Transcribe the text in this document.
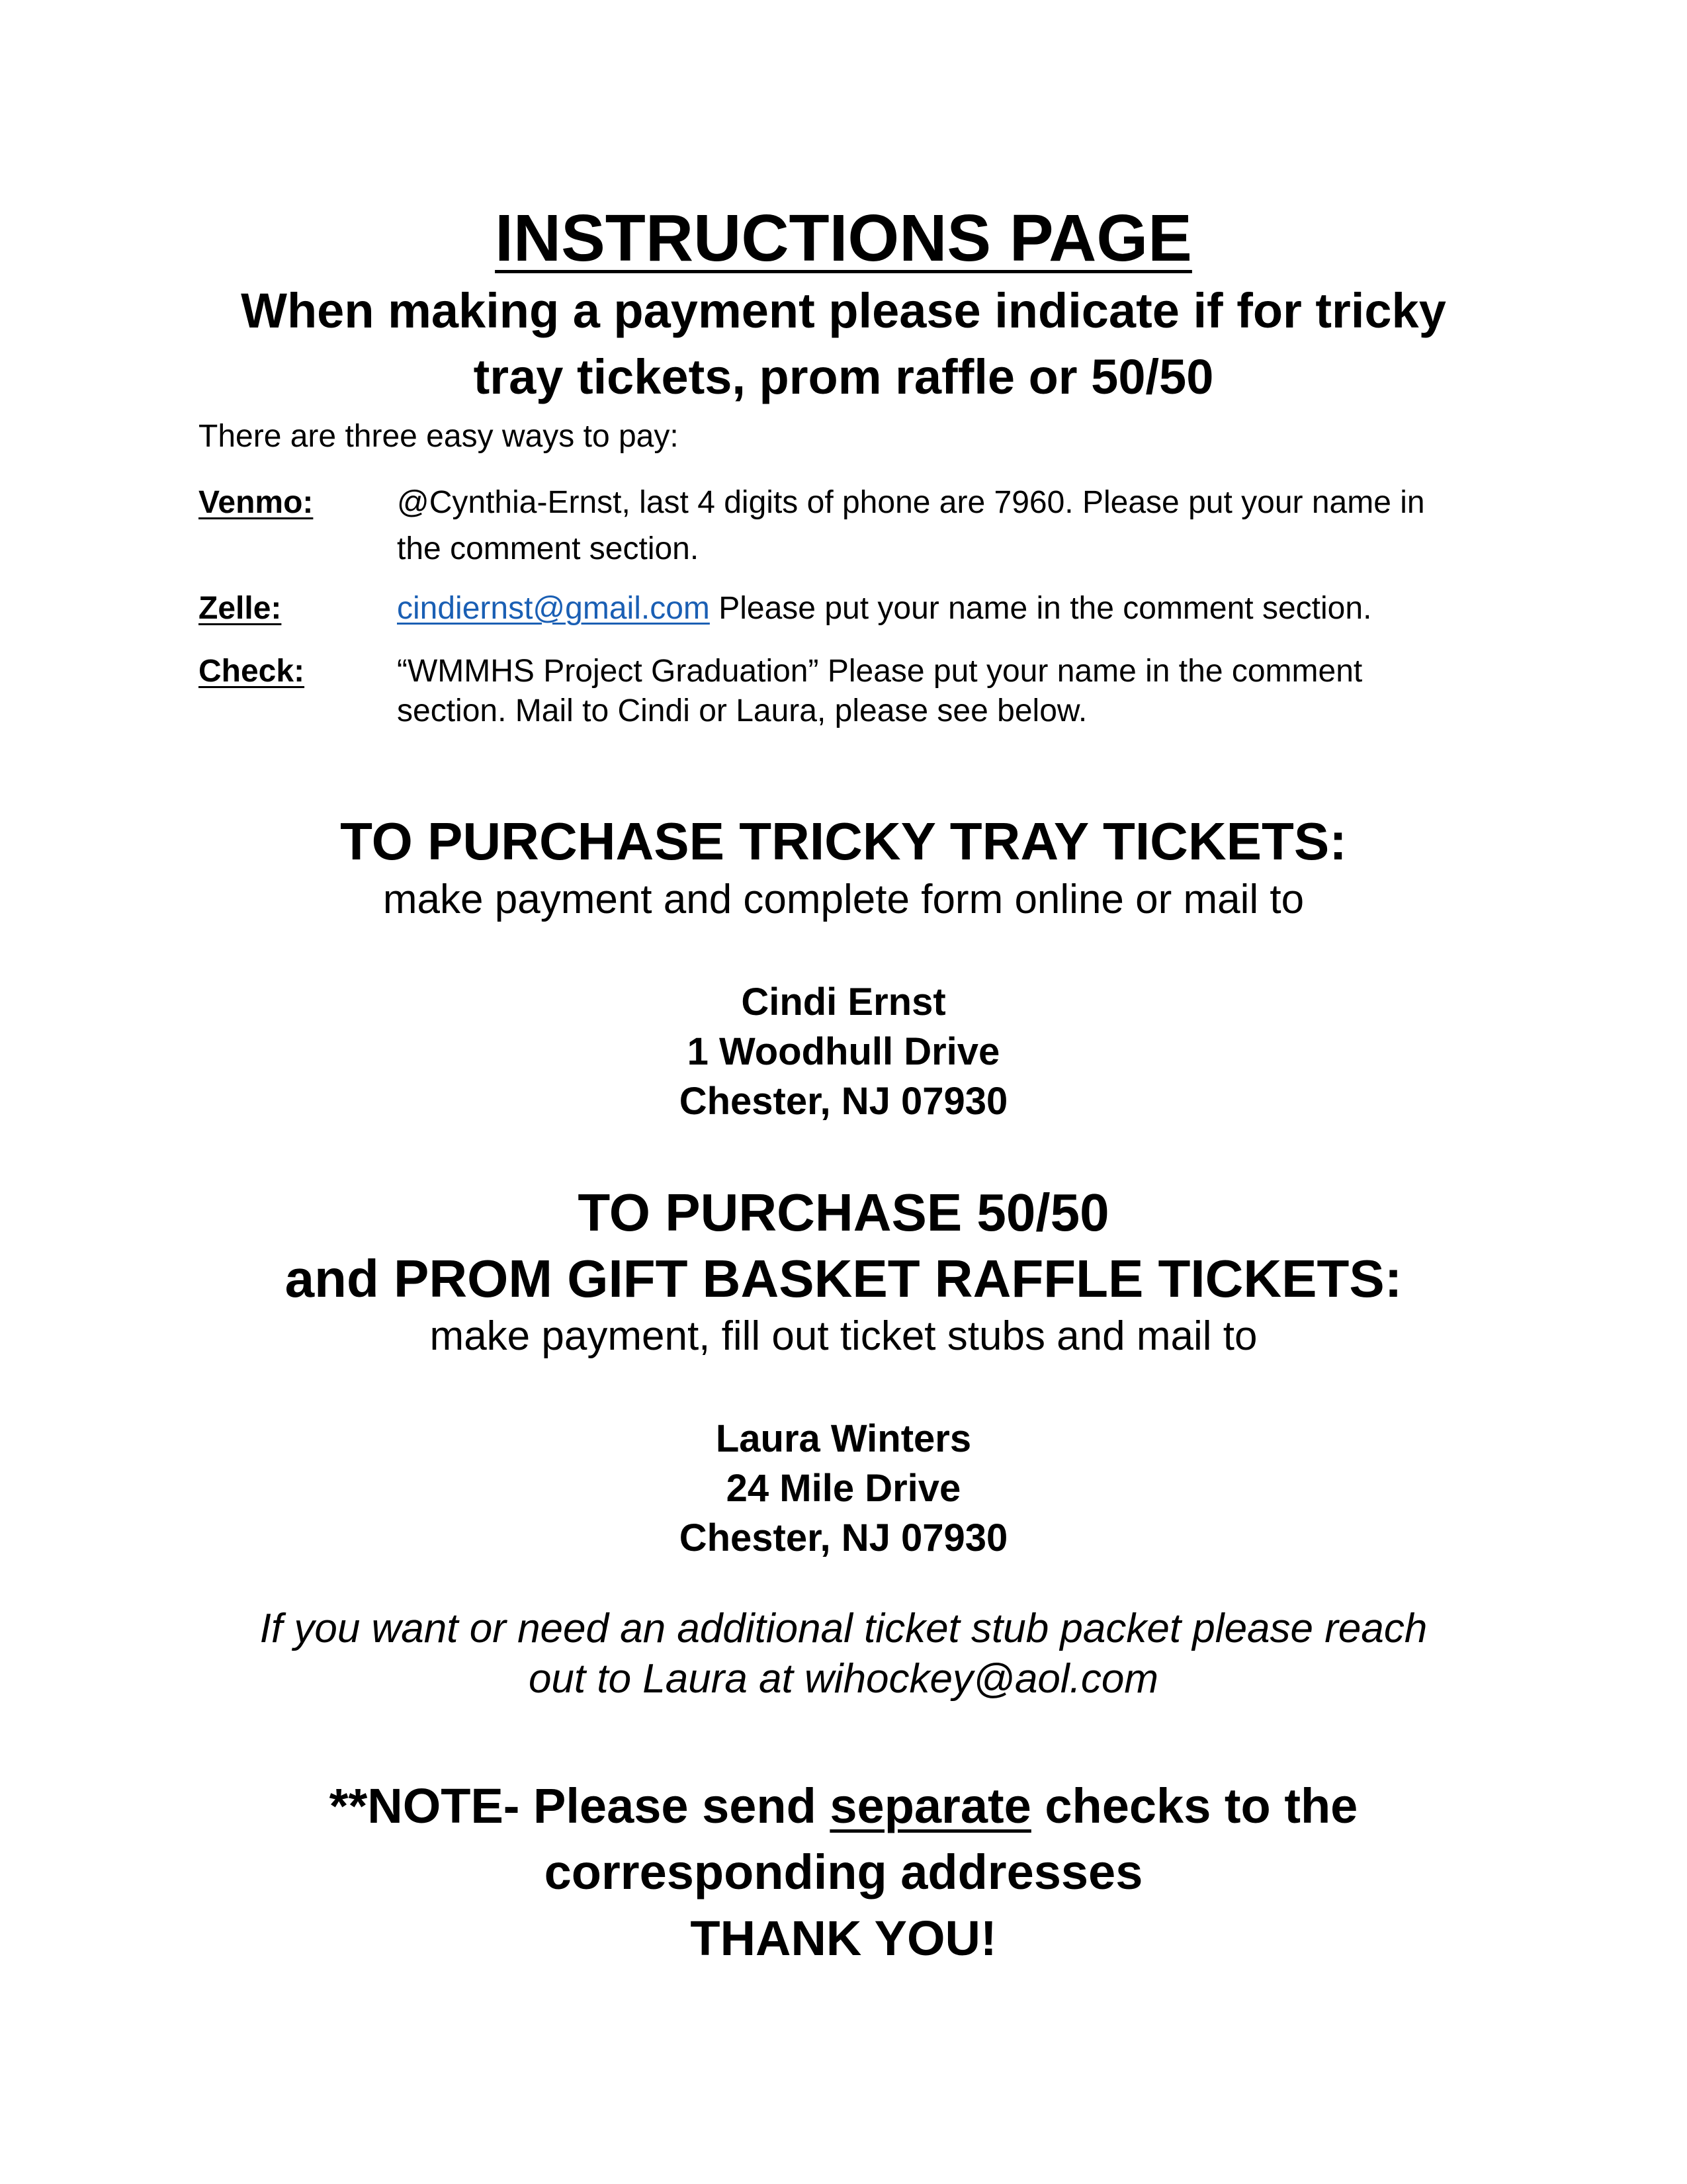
INSTRUCTIONS PAGE
When making a payment please indicate if for tricky
tray tickets, prom raffle or 50/50
There are three easy ways to pay:
Venmo:	@Cynthia-Ernst, last 4 digits of phone are 7960. Please put your name in
the comment section.
Zelle:	cindiernst@gmail.com Please put your name in the comment section.
Check:	“WMMHS Project Graduation” Please put your name in the comment
section. Mail to Cindi or Laura, please see below.
TO PURCHASE TRICKY TRAY TICKETS:
make payment and complete form online or mail to
Cindi Ernst
1 Woodhull Drive
Chester, NJ 07930
TO PURCHASE 50/50
and PROM GIFT BASKET RAFFLE TICKETS:
make payment, fill out ticket stubs and mail to
Laura Winters
24 Mile Drive
Chester, NJ 07930
If you want or need an additional ticket stub packet please reach
out to Laura at wihockey@aol.com
**NOTE- Please send separate checks to the
corresponding addresses
THANK YOU!
